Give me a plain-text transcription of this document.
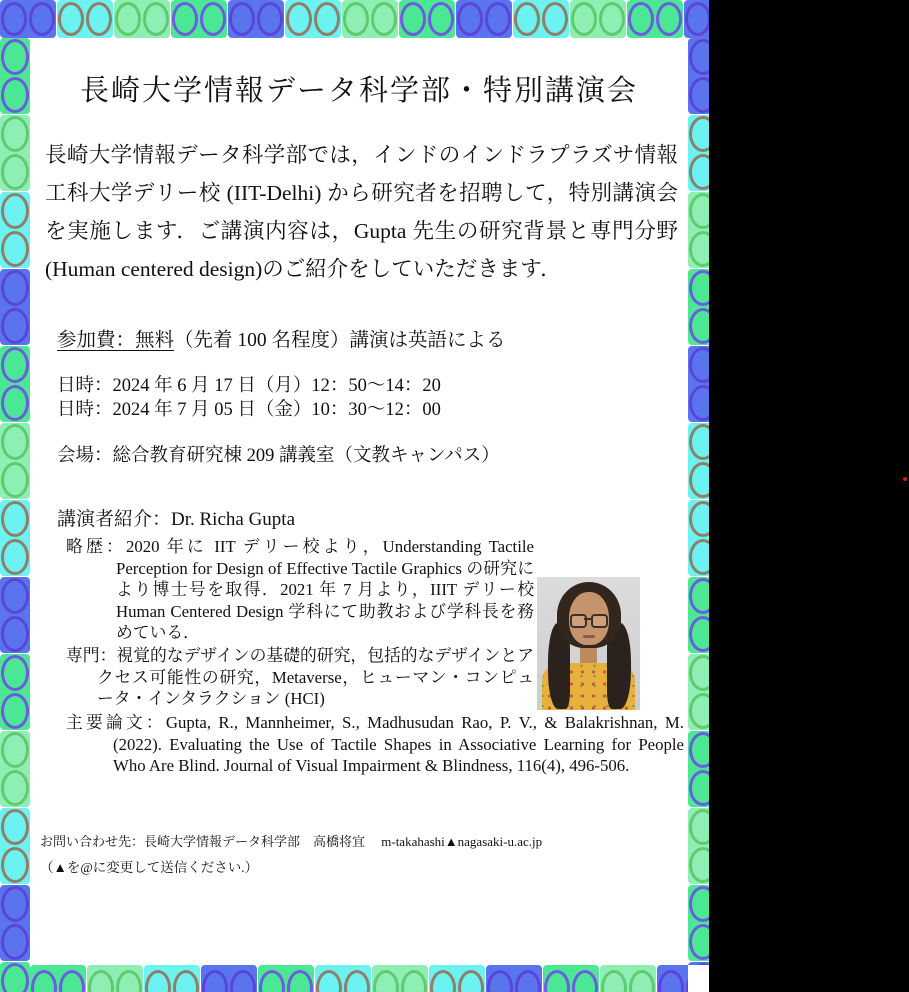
長崎大学情報データ科学部・特別講演会
長崎大学情報データ科学部では，インドのインドラプラズサ情報工科大学デリー校 (IIT-Delhi) から研究者を招聘して，特別講演会を実施します．ご講演内容は，Gupta 先生の研究背景と専門分野(Human centered design)のご紹介をしていただきます．
参加費：無料（先着 100 名程度）講演は英語による
日時：2024 年 6 月 17 日（月）12：50～14：20
日時：2024 年 7 月 05 日（金）10：30～12：00
会場：総合教育研究棟 209 講義室（文教キャンパス）
講演者紹介：Dr. Richa Gupta
略歴：2020 年に IIT デリー校より，Understanding Tactile Perception for Design of Effective Tactile Graphics の研究により博士号を取得．2021 年 7 月より，IIIT デリー校 Human Centered Design 学科にて助教および学科長を務めている．
専門：視覚的なデザインの基礎的研究，包括的なデザインとアクセス可能性の研究，Metaverse，ヒューマン・コンピュータ・インタラクション (HCI)
主要論文：Gupta, R., Mannheimer, S., Madhusudan Rao, P. V., & Balakrishnan, M. (2022). Evaluating the Use of Tactile Shapes in Associative Learning for People Who Are Blind. Journal of Visual Impairment & Blindness, 116(4), 496-506.
お問い合わせ先：長崎大学情報データ科学部　高橋将宜　 m-takahashi▲nagasaki-u.ac.jp
（▲を@に変更して送信ください.）
